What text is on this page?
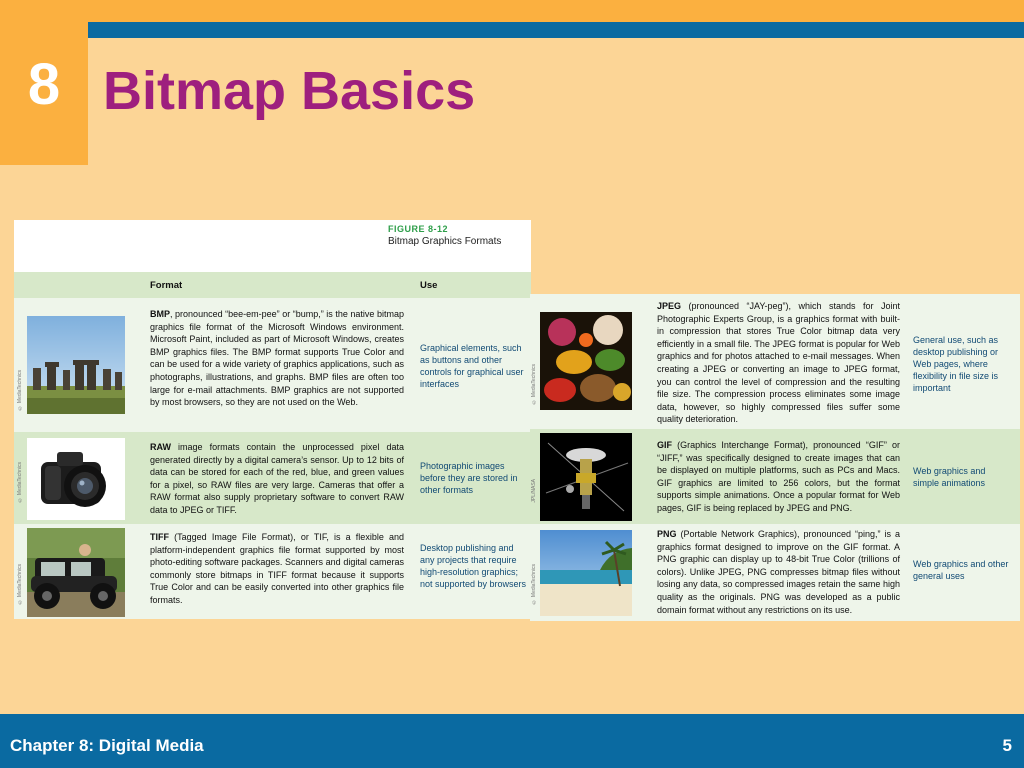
8 Bitmap Basics
FIGURE 8-12
Bitmap Graphics Formats
Format	Use
© MediaTechnics

BMP, pronounced “bee-em-pee” or “bump,” is the native bitmap graphics file format of the Microsoft Windows environment. Microsoft Paint, included as part of Microsoft Windows, creates BMP graphics files. The BMP format supports True Color and can be used for a wide variety of graphics applications, such as photographs, illustrations, and graphs. BMP files are often too large for e-mail attachments. BMP graphics are not supported by most browsers, so they are not used on the Web.

Graphical elements, such as buttons and other controls for graphical user interfaces

© MediaTechnics

RAW image formats contain the unprocessed pixel data generated directly by a digital camera’s sensor. Up to 12 bits of data can be stored for each of the red, blue, and green values for a pixel, so RAW files are very large. Cameras that offer a RAW format also supply proprietary software to convert RAW data to JPEG or TIFF.

Photographic images before they are stored in other formats

© MediaTechnics

TIFF (Tagged Image File Format), or TIF, is a flexible and platform-independent graphics file format supported by most photo-editing software packages. Scanners and digital cameras commonly store bitmaps in TIFF format because it supports True Color and can be easily converted into other graphics file formats.

Desktop publishing and any projects that require high-resolution graphics; not supported by browsers

© MediaTechnics

JPEG (pronounced “JAY-peg”), which stands for Joint Photographic Experts Group, is a graphics format with built-in compression that stores True Color bitmap data very efficiently in a small file. The JPEG format is popular for Web graphics and for photos attached to e-mail messages. When creating a JPEG or converting an image to JPEG format, you can control the level of compression and the resulting file size. The compression process eliminates some image data, however, so highly compressed files suffer some quality deterioration.

General use, such as desktop publishing or Web pages, where flexibility in file size is important

JPL/NASA

GIF (Graphics Interchange Format), pronounced “GIF” or “JIFF,” was specifically designed to create images that can be displayed on multiple platforms, such as PCs and Macs. GIF graphics are limited to 256 colors, but the format supports simple animations. Once a popular format for Web pages, GIF is being replaced by JPEG and PNG.

Web graphics and simple animations

© MediaTechnics

PNG (Portable Network Graphics), pronounced “ping,” is a graphics format designed to improve on the GIF format. A PNG graphic can display up to 48-bit True Color (trillions of colors). Unlike JPEG, PNG compresses bitmap files without losing any data, so compressed images retain the same high quality as the originals. PNG was developed as a public domain format without any restrictions on its use.

Web graphics and other general uses

Chapter 8: Digital Media	5
